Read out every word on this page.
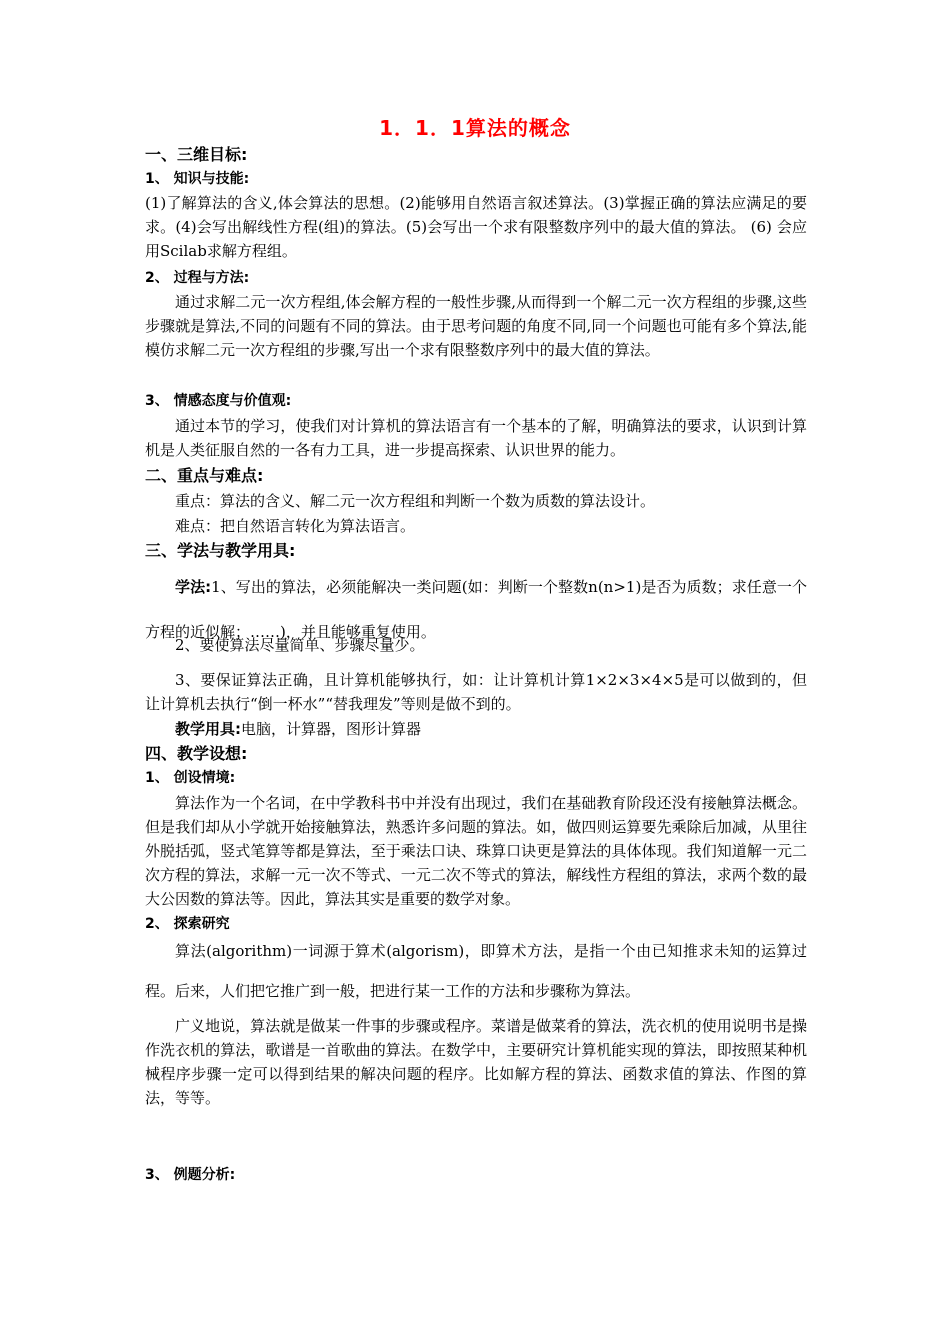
1．1．1算法的概念
一、三维目标:
1、 知识与技能:
(1)了解算法的含义,体会算法的思想。(2)能够用自然语言叙述算法。(3)掌握正确的算法应满足的要求。(4)会写出解线性方程(组)的算法。(5)会写出一个求有限整数序列中的最大值的算法。 (6) 会应用Scilab求解方程组。
2、 过程与方法:
通过求解二元一次方程组,体会解方程的一般性步骤,从而得到一个解二元一次方程组的步骤,这些步骤就是算法,不同的问题有不同的算法。由于思考问题的角度不同,同一个问题也可能有多个算法,能模仿求解二元一次方程组的步骤,写出一个求有限整数序列中的最大值的算法。
3、 情感态度与价值观:
通过本节的学习，使我们对计算机的算法语言有一个基本的了解，明确算法的要求，认识到计算机是人类征服自然的一各有力工具，进一步提高探索、认识世界的能力。
二、重点与难点:
重点：算法的含义、解二元一次方程组和判断一个数为质数的算法设计。
难点：把自然语言转化为算法语言。
三、学法与教学用具:
学法:1、写出的算法，必须能解决一类问题(如：判断一个整数n(n>1)是否为质数；求任意一个方程的近似解；……)，并且能够重复使用。
2、要使算法尽量简单、步骤尽量少。
3、要保证算法正确，且计算机能够执行，如：让计算机计算1×2×3×4×5是可以做到的，但让计算机去执行“倒一杯水”“替我理发”等则是做不到的。
教学用具:电脑，计算器，图形计算器
四、教学设想:
1、 创设情境:
算法作为一个名词，在中学教科书中并没有出现过，我们在基础教育阶段还没有接触算法概念。但是我们却从小学就开始接触算法，熟悉许多问题的算法。如，做四则运算要先乘除后加减，从里往外脱括弧，竖式笔算等都是算法，至于乘法口诀、珠算口诀更是算法的具体体现。我们知道解一元二次方程的算法，求解一元一次不等式、一元二次不等式的算法，解线性方程组的算法，求两个数的最大公因数的算法等。因此，算法其实是重要的数学对象。
2、 探索研究
算法(algorithm)一词源于算术(algorism)，即算术方法，是指一个由已知推求未知的运算过程。后来，人们把它推广到一般，把进行某一工作的方法和步骤称为算法。
广义地说，算法就是做某一件事的步骤或程序。菜谱是做菜肴的算法，洗衣机的使用说明书是操作洗衣机的算法，歌谱是一首歌曲的算法。在数学中，主要研究计算机能实现的算法，即按照某种机械程序步骤一定可以得到结果的解决问题的程序。比如解方程的算法、函数求值的算法、作图的算法，等等。
3、 例题分析:
